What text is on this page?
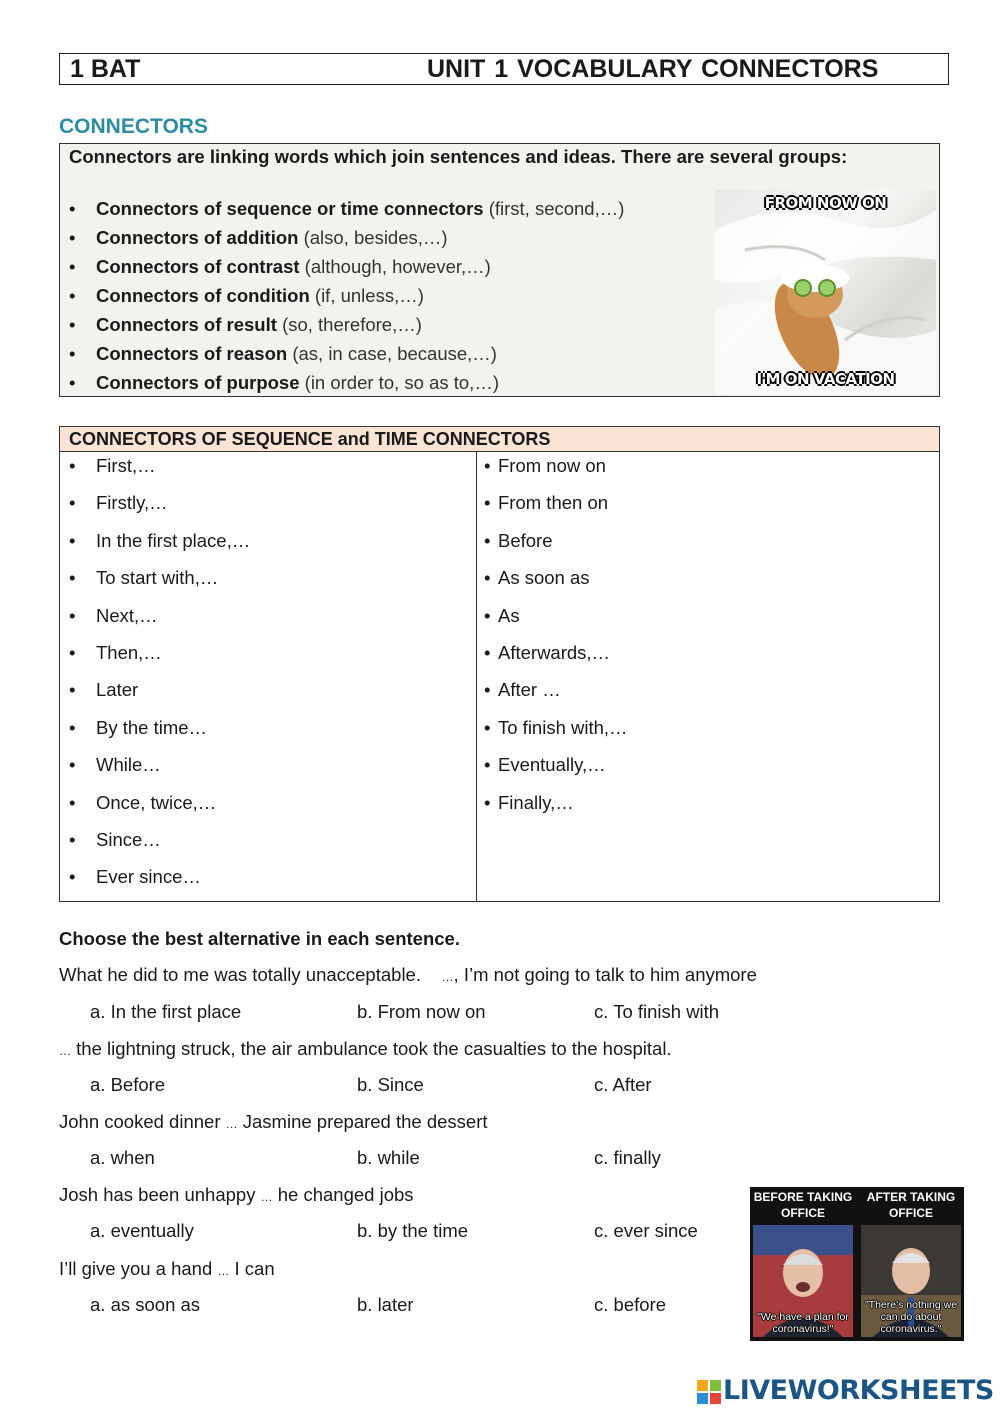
1 BAT	UNIT 1 VOCABULARY CONNECTORS
CONNECTORS
Connectors are linking words which join sentences and ideas. There are several groups:
• Connectors of sequence or time connectors (first, second,…)
• Connectors of addition (also, besides,…)
• Connectors of contrast (although, however,…)
• Connectors of condition (if, unless,…)
• Connectors of result (so, therefore,…)
• Connectors of reason (as, in case, because,…)
• Connectors of purpose (in order to, so as to,…)
FROM NOW ON
I'M ON VACATION
CONNECTORS OF SEQUENCE and TIME CONNECTORS
• First,…
• Firstly,…
• In the first place,…
• To start with,…
• Next,…
• Then,…
• Later
• By the time…
• While…
• Once, twice,…
• Since…
• Ever since…
• From now on
• From then on
• Before
• As soon as
• As
• Afterwards,…
• After …
• To finish with,…
• Eventually,…
• Finally,…
Choose the best alternative in each sentence.
What he did to me was totally unacceptable.    …, I’m not going to talk to him anymore
a. In the first place	b. From now on	c. To finish with
… the lightning struck, the air ambulance took the casualties to the hospital.
a. Before	b. Since	c. After
John cooked dinner … Jasmine prepared the dessert
a. when	b. while	c. finally
Josh has been unhappy … he changed jobs
a. eventually	b. by the time	c. ever since
I’ll give you a hand … I can
a. as soon as	b. later	c. before
BEFORE TAKING OFFICE
"We have a plan for coronavirus!"
AFTER TAKING OFFICE
"There's nothing we can do about coronavirus."
LIVEWORKSHEETS
